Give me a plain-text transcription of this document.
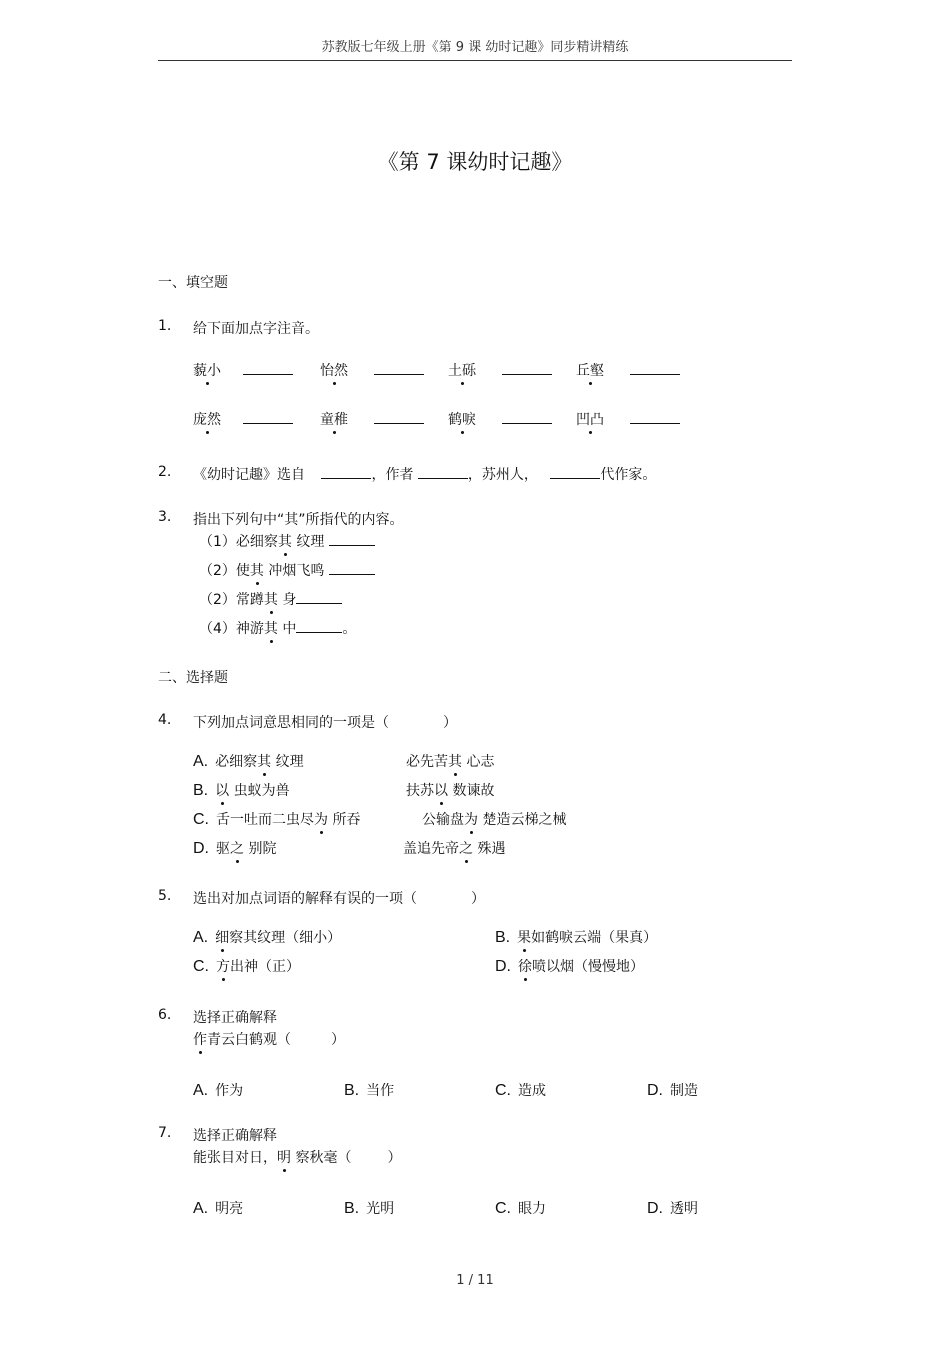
苏教版七年级上册《第 9 课 幼时记趣》同步精讲精练
《第 7 课幼时记趣》
一、填空题
1. 给下面加点字注音。
藐小	怡然	土砾	丘壑
庞然	童稚	鹤唳	凹凸
2. 《幼时记趣》选自	，作者	，苏州人，	代作家。
3. 指出下列句中“其”所指代的内容。
（1）必细察其 纹理
（2）使其 冲烟飞鸣
（2）常蹲其 身
（4）神游其 中	。
二、选择题
4. 下列加点词意思相同的一项是（	）
A. 必细察其 纹理	必先苦其 心志
B. 以 虫蚁为兽	扶苏以 数谏故
C. 舌一吐而二虫尽为 所吞	公输盘为 楚造云梯之械
D. 驱之 别院	盖追先帝之 殊遇
5. 选出对加点词语的解释有误的一项（	）
A. 细察其纹理（细小）	B. 果如鹤唳云端（果真）
C. 方出神（正）	D. 徐喷以烟（慢慢地）
6. 选择正确解释
作青云白鹤观（	）
A. 作为	B. 当作	C. 造成	D. 制造
7. 选择正确解释
能张目对日，明 察秋毫（	）
A. 明亮	B. 光明	C. 眼力	D. 透明
1 / 11
